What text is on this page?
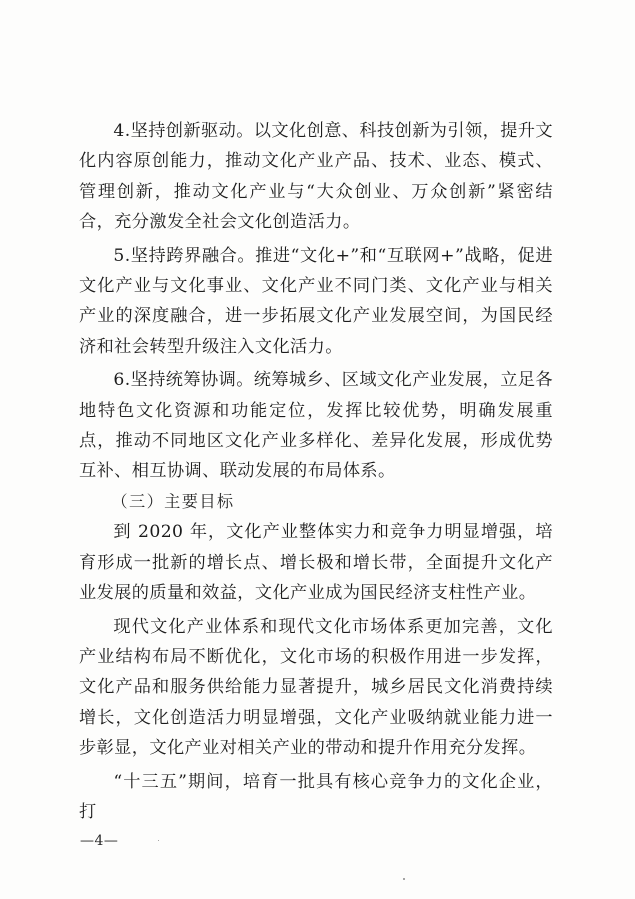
4.坚持创新驱动。以文化创意、科技创新为引领，提升文化内容原创能力，推动文化产业产品、技术、业态、模式、管理创新，推动文化产业与“大众创业、万众创新”紧密结合，充分激发全社会文化创造活力。

5.坚持跨界融合。推进“文化+”和“互联网+”战略，促进文化产业与文化事业、文化产业不同门类、文化产业与相关产业的深度融合，进一步拓展文化产业发展空间，为国民经济和社会转型升级注入文化活力。

6.坚持统筹协调。统筹城乡、区域文化产业发展，立足各地特色文化资源和功能定位，发挥比较优势，明确发展重点，推动不同地区文化产业多样化、差异化发展，形成优势互补、相互协调、联动发展的布局体系。

（三）主要目标

到 2020 年，文化产业整体实力和竞争力明显增强，培育形成一批新的增长点、增长极和增长带，全面提升文化产业发展的质量和效益，文化产业成为国民经济支柱性产业。

现代文化产业体系和现代文化市场体系更加完善，文化产业结构布局不断优化，文化市场的积极作用进一步发挥，文化产品和服务供给能力显著提升，城乡居民文化消费持续增长，文化创造活力明显增强，文化产业吸纳就业能力进一步彰显，文化产业对相关产业的带动和提升作用充分发挥。

“十三五”期间，培育一批具有核心竞争力的文化企业，打

—4—
